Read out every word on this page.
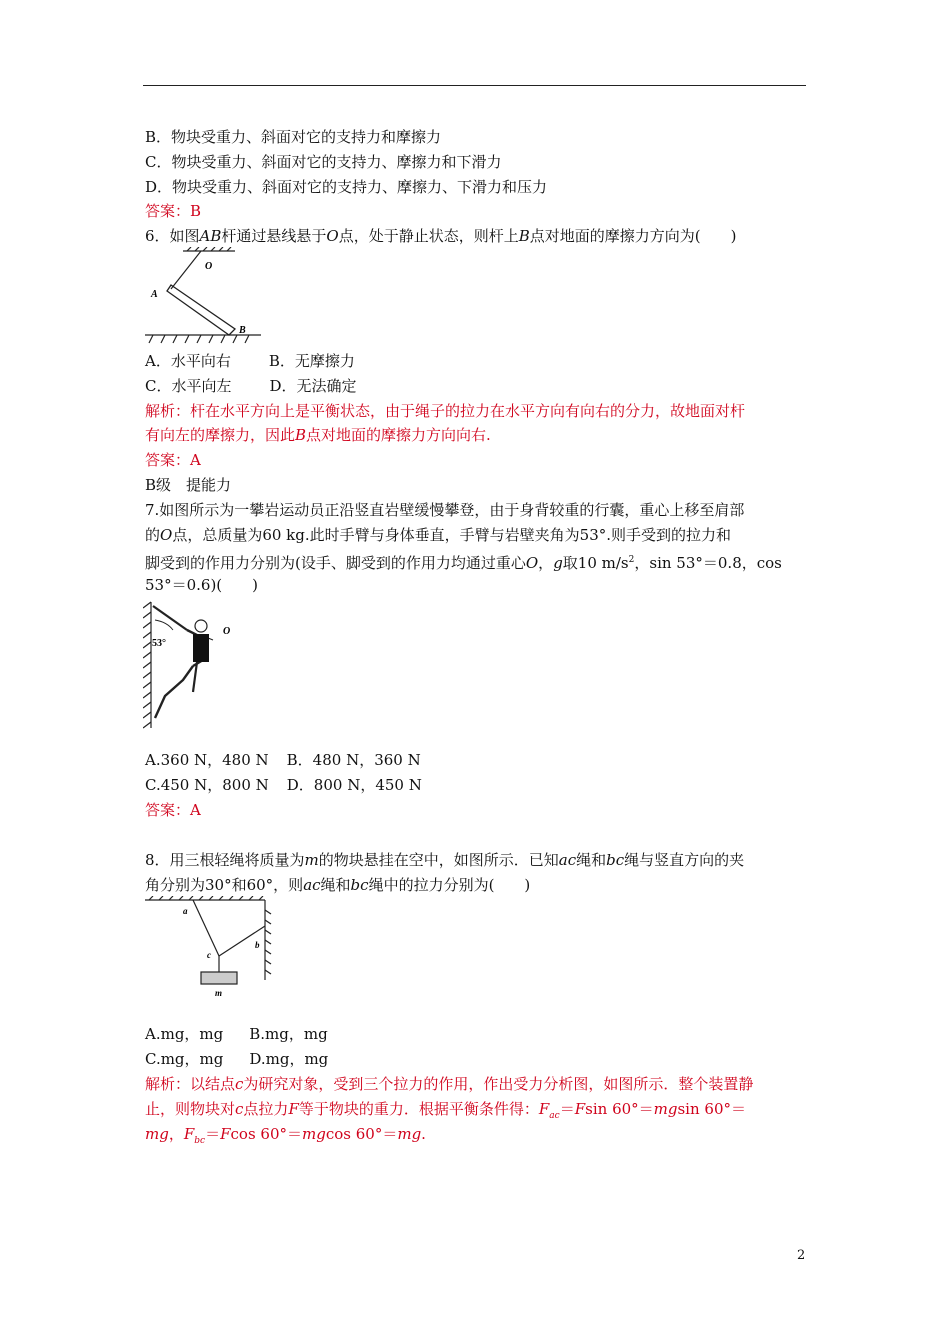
B．物块受重力、斜面对它的支持力和摩擦力
C．物块受重力、斜面对它的支持力、摩擦力和下滑力
D．物块受重力、斜面对它的支持力、摩擦力、下滑力和压力
答案：B
6．如图AB杆通过悬线悬于O点，处于静止状态，则杆上B点对地面的摩擦力方向为(　　)
O
A
B
A．水平向右	B．无摩擦力
C．水平向左	D．无法确定
解析：杆在水平方向上是平衡状态，由于绳子的拉力在水平方向有向右的分力，故地面对杆
有向左的摩擦力，因此B点对地面的摩擦力方向向右.
答案：A
B级　提能力
7.如图所示为一攀岩运动员正沿竖直岩壁缓慢攀登，由于身背较重的行囊，重心上移至肩部
的O点，总质量为60 kg.此时手臂与身体垂直，手臂与岩壁夹角为53°.则手受到的拉力和
脚受到的作用力分别为(设手、脚受到的作用力均通过重心O，g取10 $m/s^2$，sin 53°＝0.8，cos
53°＝0.6)(　　)
53°
O
A.360 N，480 N B．480 N，360 N
C.450 N，800 N D．800 N，450 N
答案：A
8．用三根轻绳将质量为m的物块悬挂在空中，如图所示．已知ac绳和bc绳与竖直方向的夹
角分别为30°和60°，则ac绳和bc绳中的拉力分别为(　　)
a
b
c
m
A.mg，mg B.mg，mg
C.mg，mg D.mg，mg
解析：以结点c为研究对象，受到三个拉力的作用，作出受力分析图，如图所示．整个装置静
止，则物块对c点拉力F等于物块的重力．根据平衡条件得：$F_{ac}=Fsin$ 60°＝mgsin 60°＝
mg，$F_{bc}=Fcos$ 60°＝mgcos 60°＝mg.
2
